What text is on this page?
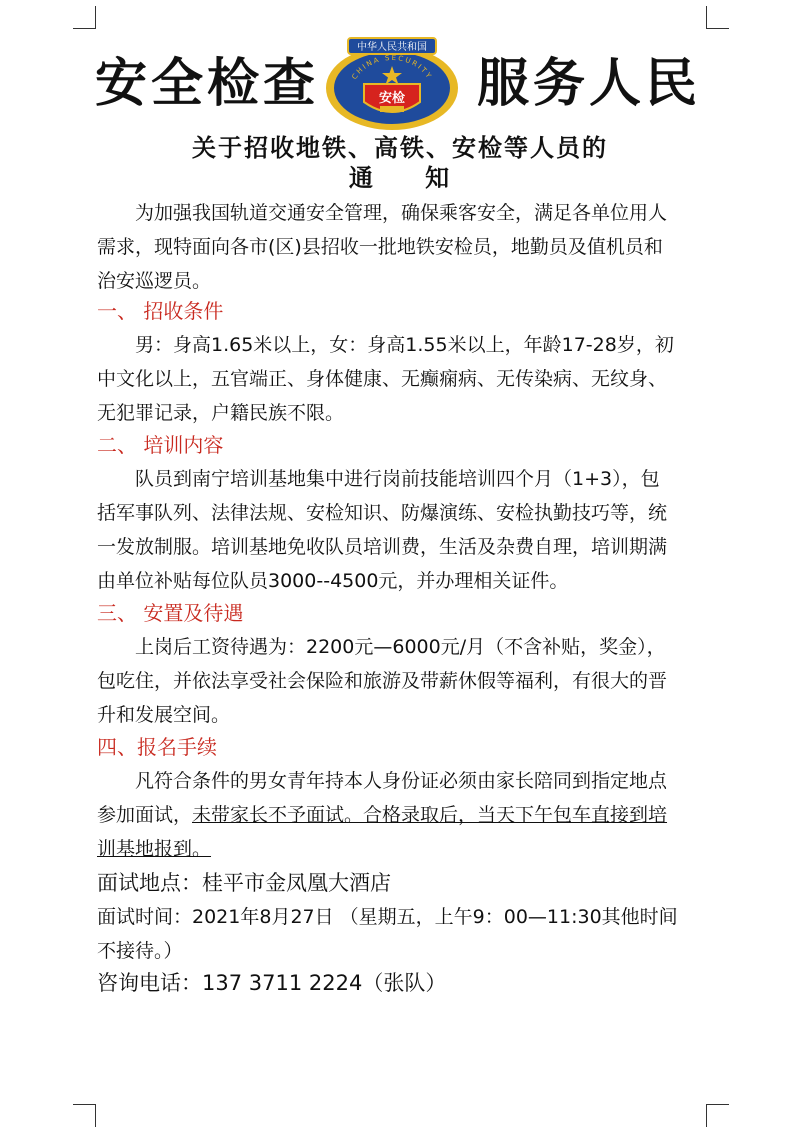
安全检查
中华人民共和国
CHINA SECURITY
安检 服务人民
关于招收地铁、高铁、安检等人员的
通 知
为加强我国轨道交通安全管理，确保乘客安全，满足各单位用人
需求，现特面向各市(区)县招收一批地铁安检员，地勤员及值机员和
治安巡逻员。
一、 招收条件
男：身高1.65米以上，女：身高1.55米以上，年龄17-28岁，初
中文化以上，五官端正、身体健康、无癫痫病、无传染病、无纹身、
无犯罪记录，户籍民族不限。
二、 培训内容
队员到南宁培训基地集中进行岗前技能培训四个月（1+3），包
括军事队列、法律法规、安检知识、防爆演练、安检执勤技巧等，统
一发放制服。培训基地免收队员培训费，生活及杂费自理，培训期满
由单位补贴每位队员3000--4500元，并办理相关证件。
三、 安置及待遇
上岗后工资待遇为：2200元—6000元/月（不含补贴，奖金），
包吃住，并依法享受社会保险和旅游及带薪休假等福利，有很大的晋
升和发展空间。
四、报名手续
凡符合条件的男女青年持本人身份证必须由家长陪同到指定地点
参加面试，未带家长不予面试。合格录取后，当天下午包车直接到培
训基地报到。
面试地点：桂平市金凤凰大酒店
面试时间：2021年8月27日 （星期五，上午9：00—11:30其他时间
不接待。）
咨询电话：137 3711 2224（张队）
